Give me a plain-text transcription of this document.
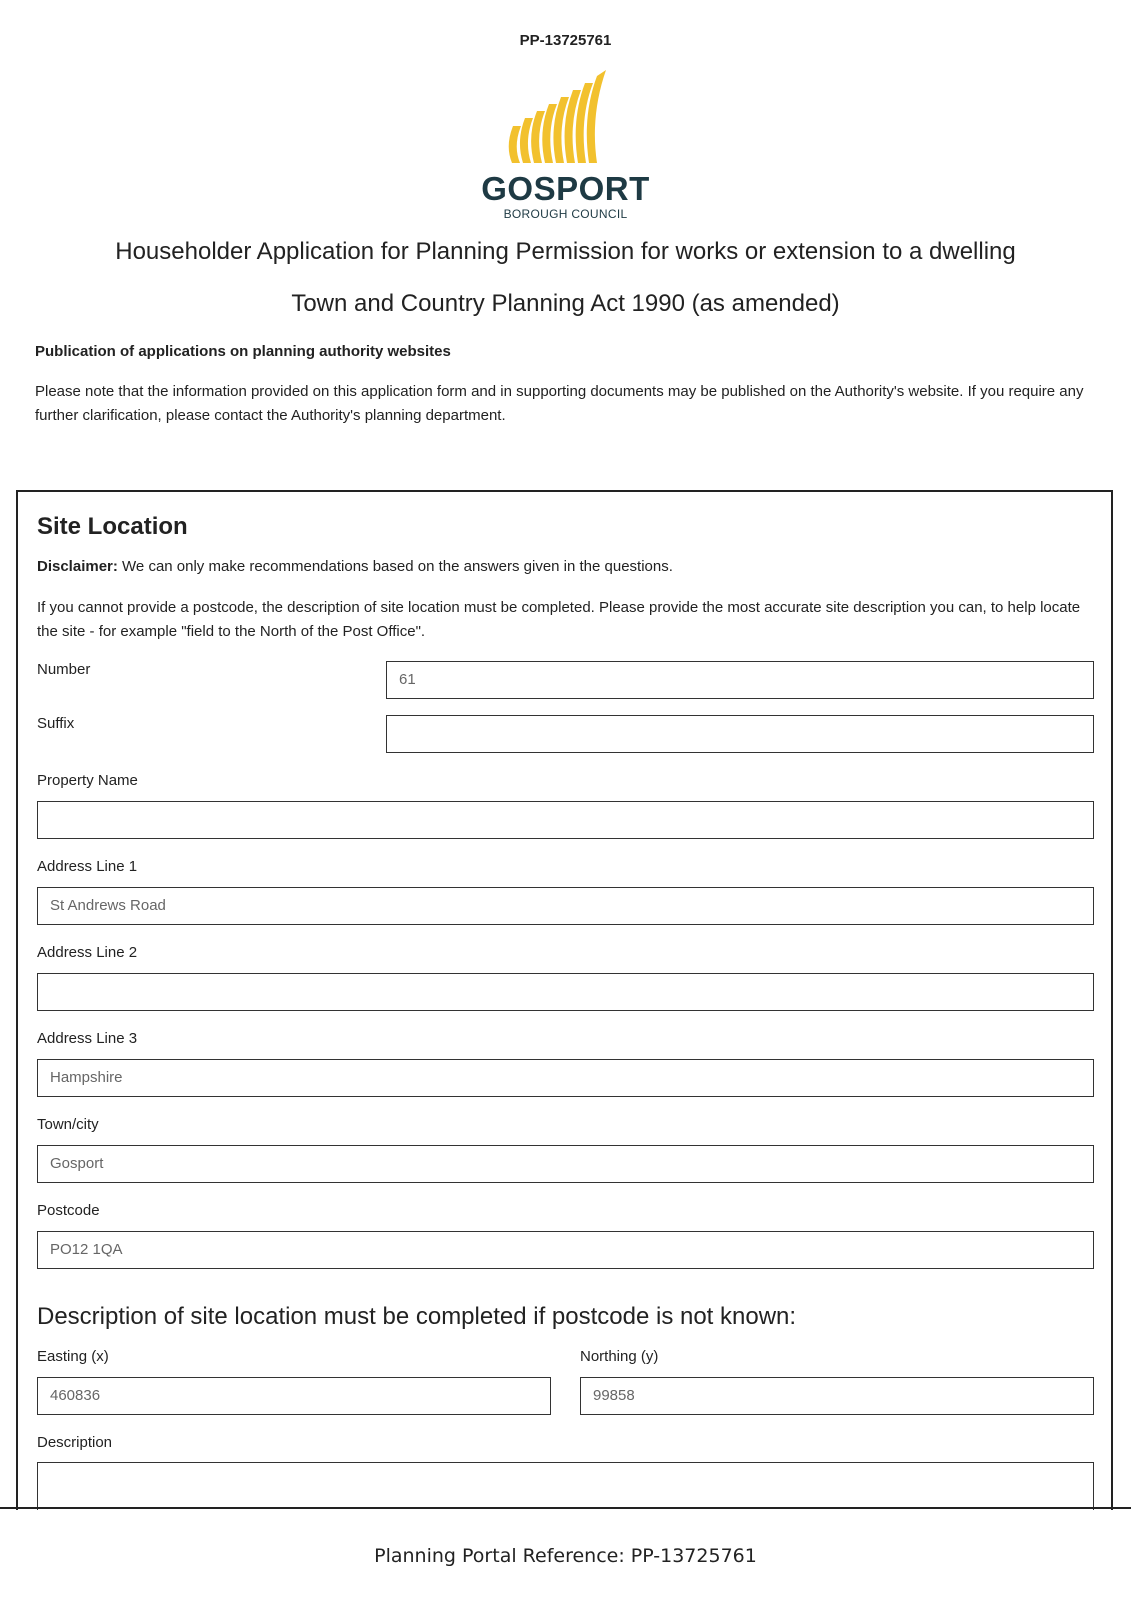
PP-13725761
GOSPORT
BOROUGH COUNCIL
Householder Application for Planning Permission for works or extension to a dwelling
Town and Country Planning Act 1990 (as amended)
Publication of applications on planning authority websites
Please note that the information provided on this application form and in supporting documents may be published on the Authority's website. If you require any further clarification, please contact the Authority's planning department.
Site Location
Disclaimer: We can only make recommendations based on the answers given in the questions.
If you cannot provide a postcode, the description of site location must be completed. Please provide the most accurate site description you can, to help locate the site - for example "field to the North of the Post Office".
Number
61
Suffix
Property Name
Address Line 1
St Andrews Road
Address Line 2
Address Line 3
Hampshire
Town/city
Gosport
Postcode
PO12 1QA
Description of site location must be completed if postcode is not known:
Easting (x)
460836
Northing (y)
99858
Description
Planning Portal Reference: PP-13725761
